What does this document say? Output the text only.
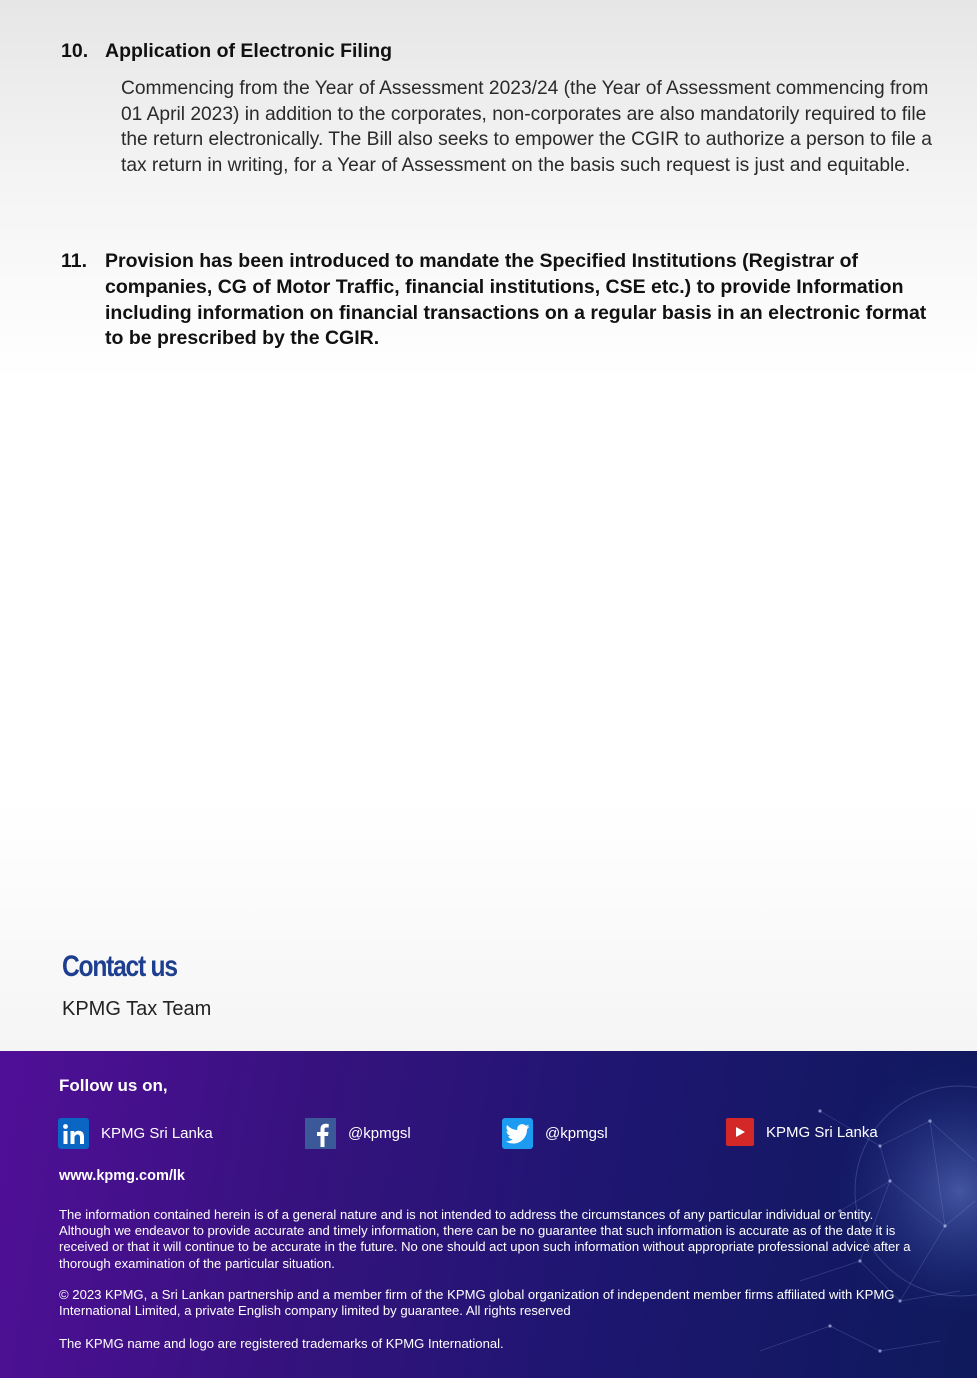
10. Application of Electronic Filing
Commencing from the Year of Assessment 2023/24 (the Year of Assessment commencing from 01 April 2023) in addition to the corporates, non-corporates are also mandatorily required to file the return electronically. The Bill also seeks to empower the CGIR to authorize a person to file a tax return in writing, for a Year of Assessment on the basis such request is just and equitable.
11. Provision has been introduced to mandate the Specified Institutions (Registrar of companies, CG of Motor Traffic, financial institutions, CSE etc.) to provide Information including information on financial transactions on a regular basis in an electronic format to be prescribed by the CGIR.
Contact us
KPMG Tax Team
Follow us on,
KPMG Sri Lanka	@kpmgsl	@kpmgsl	KPMG Sri Lanka
www.kpmg.com/lk
The information contained herein is of a general nature and is not intended to address the circumstances of any particular individual or entity. Although we endeavor to provide accurate and timely information, there can be no guarantee that such information is accurate as of the date it is received or that it will continue to be accurate in the future. No one should act upon such information without appropriate professional advice after a thorough examination of the particular situation.
© 2023 KPMG, a Sri Lankan partnership and a member firm of the KPMG global organization of independent member firms affiliated with KPMG International Limited, a private English company limited by guarantee. All rights reserved
The KPMG name and logo are registered trademarks of KPMG International.
